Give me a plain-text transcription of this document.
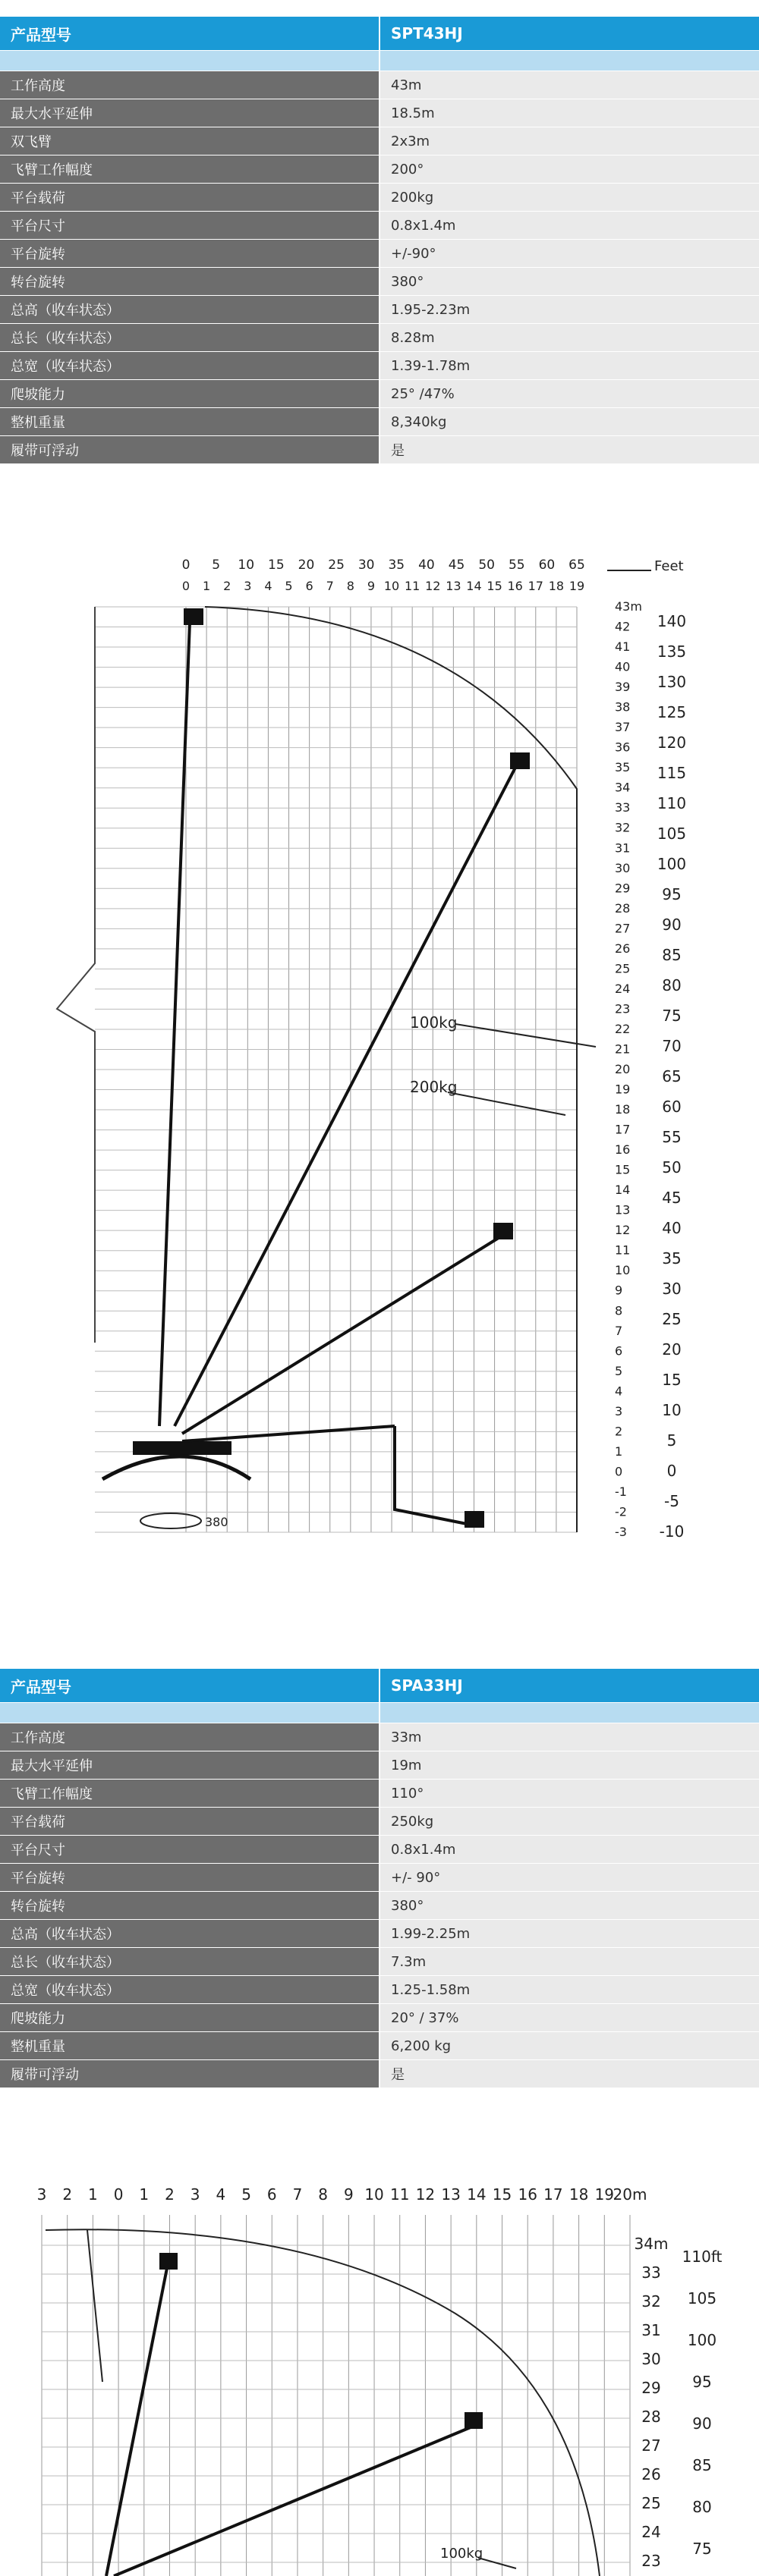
产品型号	SPT43HJ

工作高度	43m
最大水平延伸	18.5m
双飞臂	2x3m
飞臂工作幅度	200°
平台载荷	200kg
平台尺寸	0.8x1.4m
平台旋转	+/-90°
转台旋转	380°
总高（收车状态）	1.95-2.23m
总长（收车状态）	8.28m
总宽（收车状态）	1.39-1.78m
爬坡能力	25° /47%
整机重量	8,340kg
履带可浮动	是
0 5 10 15 20 25 30 35 40 45 50 55 60 65
0 1 2 3 4 5 6 7 8 9 10 11 12 13 14 15 16 17 18 19
43m
42
41
40
39
38
37
36
35
34
33
32
31
30
29
28
27
26
25
24
23
22
21
20
19
18
17
16
15
14
13
12
11
10
9
8
7
6
5
4
3
2
1
0
-1
-2
-3
140
135
130
125
120
115
110
105
100
95
90
85
80
75
70
65
60
55
50
45
40
35
30
25
20
15
10
5
0
-5
-10
380
100kg
200kg
Feet
产品型号	SPA33HJ

工作高度	33m
最大水平延伸	19m
飞臂工作幅度	110°
平台载荷	250kg
平台尺寸	0.8x1.4m
平台旋转	+/- 90°
转台旋转	380°
总高（收车状态）	1.99-2.25m
总长（收车状态）	7.3m
总宽（收车状态）	1.25-1.58m
爬坡能力	20° / 37%
整机重量	6,200 kg
履带可浮动	是
3 2 1 0 1 2 3 4 5 6 7 8 9 10 11 12 13 14 15 16 17 18 19
20m
34m
33
32
31
30
29
28
27
26
25
24
23
110ft
105
100
95
90
85
80
75
100kg
